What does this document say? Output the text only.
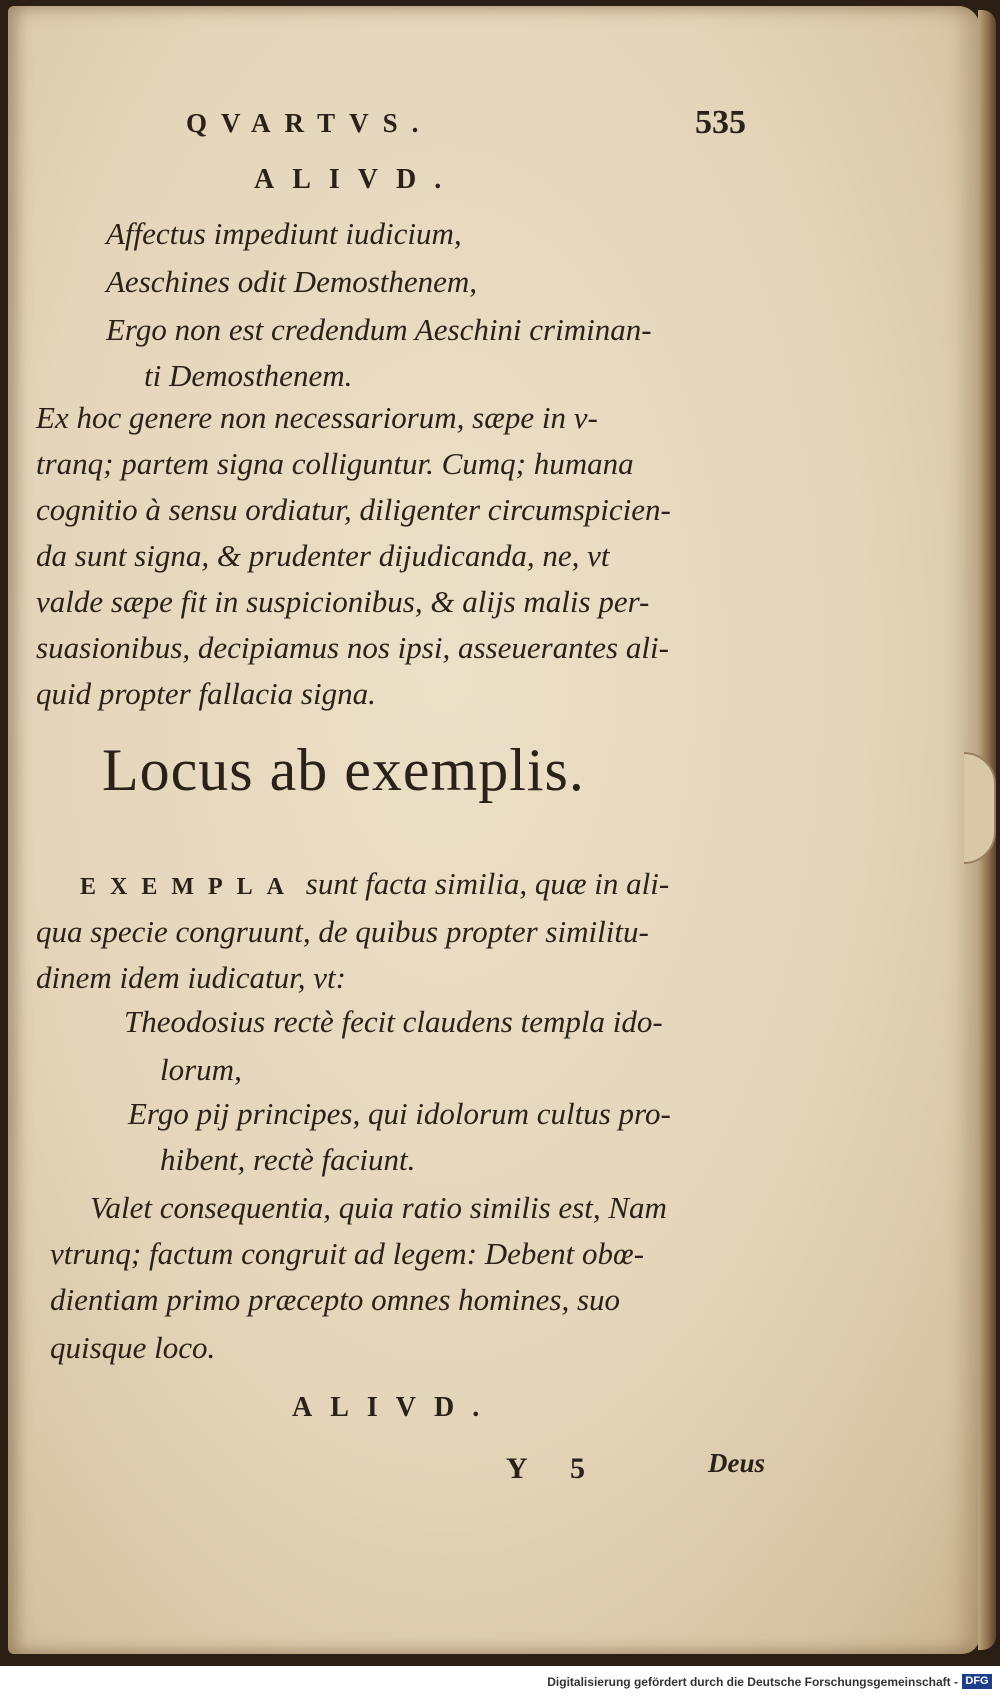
QVARTVS.	535
ALIVD.
Affectus impediunt iudicium,
Aeschines odit Demosthenem,
Ergo non est credendum Aeschini criminan-
ti Demosthenem.
Ex hoc genere non necessariorum, sæpe in v-
tranq; partem signa colliguntur. Cumq; humana
cognitio à sensu ordiatur, diligenter circumspicien-
da sunt signa, & prudenter dijudicanda, ne, vt
valde sæpe fit in suspicionibus, & alijs malis per-
suasionibus, decipiamus nos ipsi, asseuerantes ali-
quid propter fallacia signa.
Locus ab exemplis.
EXEMPLA sunt facta similia, quæ in ali-
qua specie congruunt, de quibus propter similitu-
dinem idem iudicatur, vt:
Theodosius rectè fecit claudens templa ido-
lorum,
Ergo pij principes, qui idolorum cultus pro-
hibent, rectè faciunt.
Valet consequentia, quia ratio similis est, Nam
vtrunq; factum congruit ad legem: Debent obœ-
dientiam primo præcepto omnes homines, suo
quisque loco.
ALIVD.
Y 5	Deus
Digitalisierung gefördert durch die Deutsche Forschungsgemeinschaft - DFG
